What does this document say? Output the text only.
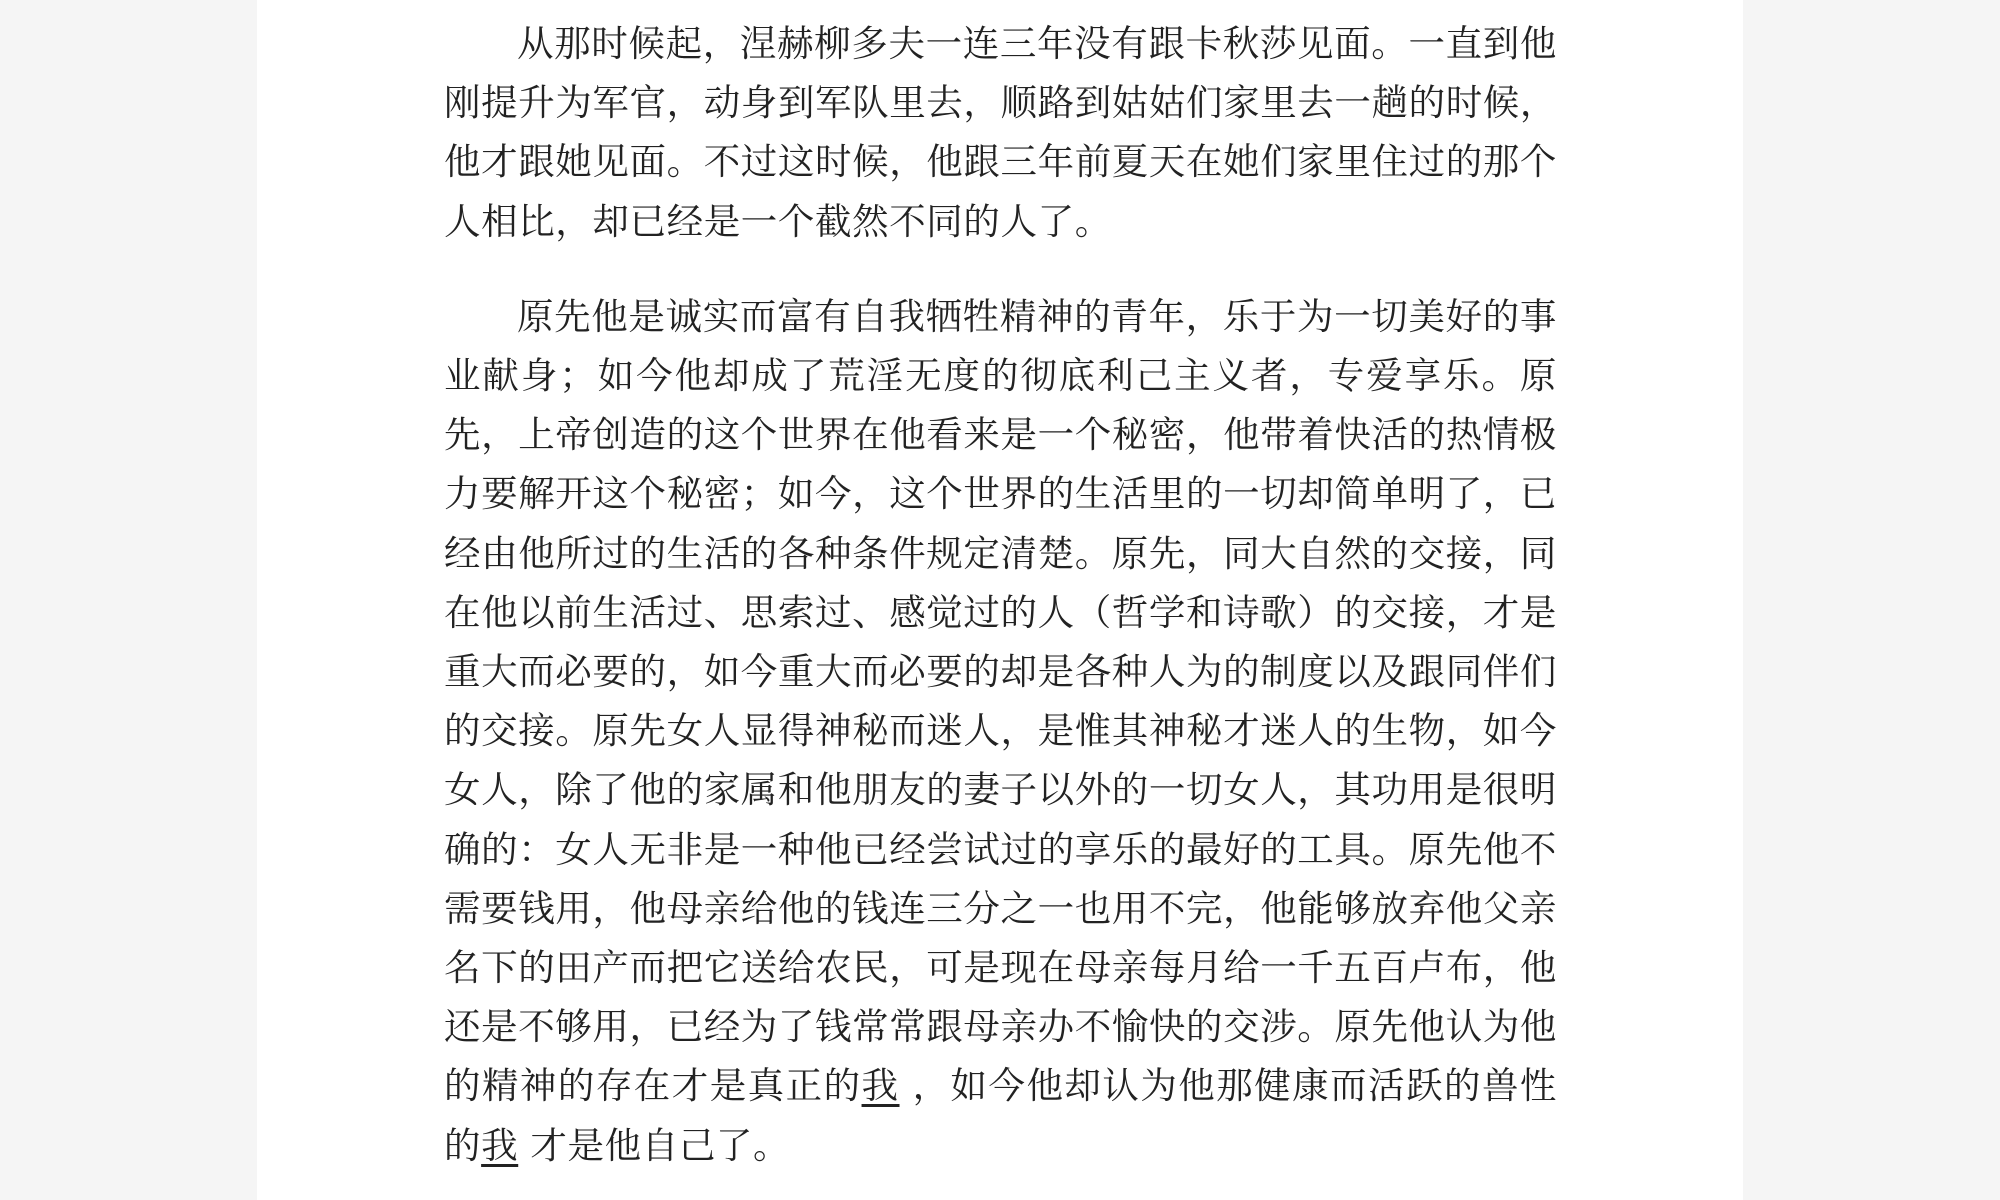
从那时候起，涅赫柳多夫一连三年没有跟卡秋莎见面。一直到他刚提升为军官，动身到军队里去，顺路到姑姑们家里去一趟的时候，他才跟她见面。不过这时候，他跟三年前夏天在她们家里住过的那个人相比，却已经是一个截然不同的人了。

原先他是诚实而富有自我牺牲精神的青年，乐于为一切美好的事业献身；如今他却成了荒淫无度的彻底利己主义者，专爱享乐。原先，上帝创造的这个世界在他看来是一个秘密，他带着快活的热情极力要解开这个秘密；如今，这个世界的生活里的一切却简单明了，已经由他所过的生活的各种条件规定清楚。原先，同大自然的交接，同在他以前生活过、思索过、感觉过的人（哲学和诗歌）的交接，才是重大而必要的，如今重大而必要的却是各种人为的制度以及跟同伴们的交接。原先女人显得神秘而迷人，是惟其神秘才迷人的生物，如今女人，除了他的家属和他朋友的妻子以外的一切女人，其功用是很明确的：女人无非是一种他已经尝试过的享乐的最好的工具。原先他不需要钱用，他母亲给他的钱连三分之一也用不完，他能够放弃他父亲名下的田产而把它送给农民，可是现在母亲每月给一千五百卢布，他还是不够用，已经为了钱常常跟母亲办不愉快的交涉。原先他认为他的精神的存在才是真正的我 ，如今他却认为他那健康而活跃的兽性的我 才是他自己了。
